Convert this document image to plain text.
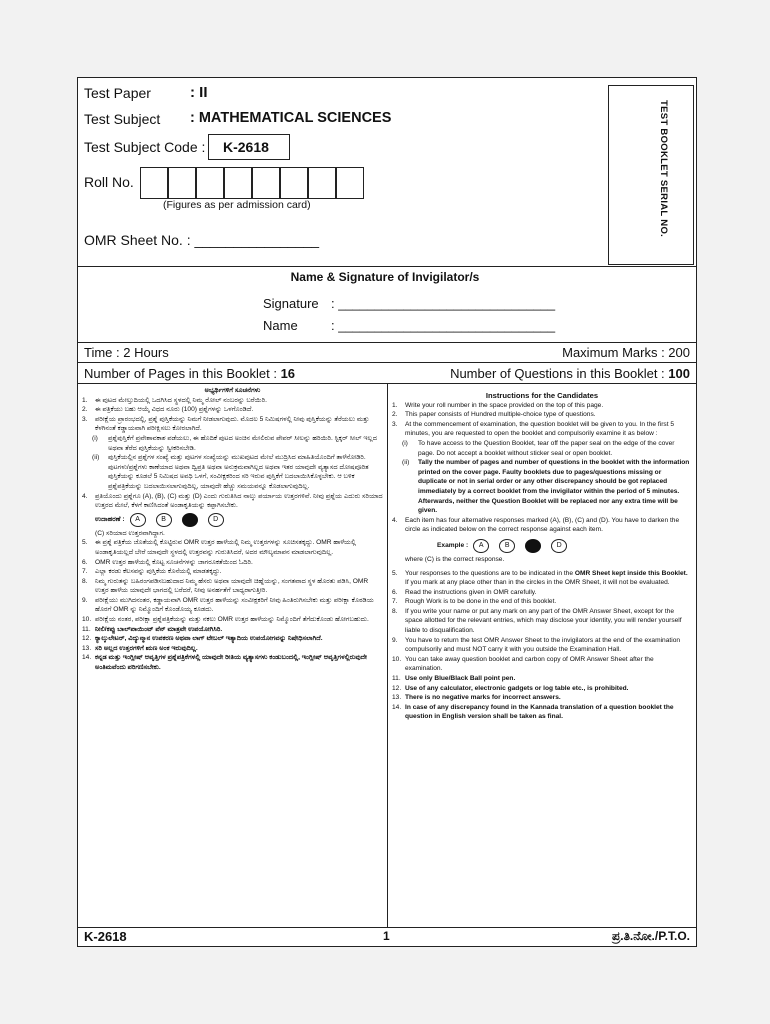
Test Paper	: II
Test Subject : MATHEMATICAL SCIENCES
Test Subject Code : K-2618
Roll No.
(Figures as per admission card)
OMR Sheet No. : ________________
TEST BOOKLET SERIAL NO.
Name & Signature of Invigilator/s
Signature : ______________________________
Name	: ______________________________
Time : 2 Hours	Maximum Marks : 200
Number of Pages in this Booklet : 16	Number of Questions in this Booklet : 100
ಅಭ್ಯರ್ಥಿಗಳಿಗೆ ಸೂಚನೆಗಳು
1.	ಈ ಪುಟದ ಮೇಲ್ತುದಿಯಲ್ಲಿ ಒದಗಿಸಿದ ಸ್ಥಳದಲ್ಲಿ ನಿಮ್ಮ ರೋಲ್ ನಂಬರನ್ನು ಬರೆಯಿರಿ.
2.	ಈ ಪತ್ರಿಕೆಯು ಬಹು ಆಯ್ಕೆ ವಿಧದ ನೂರು (100) ಪ್ರಶ್ನೆಗಳನ್ನು ಒಳಗೊಂಡಿದೆ.
3.	ಪರೀಕ್ಷೆಯ ಪ್ರಾರಂಭದಲ್ಲಿ, ಪ್ರಶ್ನೆ ಪುಸ್ತಿಕೆಯನ್ನು ನಿಮಗೆ ನೀಡಲಾಗುವುದು. ಮೊದಲ 5 ನಿಮಿಷಗಳಲ್ಲಿ ನೀವು ಪುಸ್ತಿಕೆಯನ್ನು ತೆರೆಯಲು ಮತ್ತು ಕೆಳಗಿನಂತೆ ಕಡ್ಡಾಯವಾಗಿ ಪರೀಕ್ಷಿಸಲು ಕೋರಲಾಗಿದೆ.
(i)	ಪ್ರಶ್ನೆಪುಸ್ತಿಕೆಗೆ ಪ್ರವೇಶಾವಕಾಶ ಪಡೆಯಲು, ಈ ಹೊದಿಕೆ ಪುಟದ ಅಂಚಿನ ಮೇಲಿರುವ ಪೇಪರ್ ಸೀಲನ್ನು ಹರಿಯಿರಿ. ಸ್ಟಿಕ್ಕರ್ ಸೀಲ್ ಇಲ್ಲದ ಅಥವಾ ತೆರೆದ ಪುಸ್ತಿಕೆಯನ್ನು ಸ್ವೀಕರಿಸಬೇಡಿ.
(ii)	ಪುಸ್ತಿಕೆಯಲ್ಲಿನ ಪ್ರಶ್ನೆಗಳ ಸಂಖ್ಯೆ ಮತ್ತು ಪುಟಗಳ ಸಂಖ್ಯೆಯನ್ನು ಮುಖಪುಟದ ಮೇಲೆ ಮುದ್ರಿಸಿದ ಮಾಹಿತಿಯೊಂದಿಗೆ ತಾಳೆನೋಡಿರಿ. ಪುಟಗಳು/ಪ್ರಶ್ನೆಗಳು ಕಾಣೆಯಾದ ಅಥವಾ ದ್ವಿಪ್ರತಿ ಅಥವಾ ಅನುಕ್ರಮವಾಗಿಲ್ಲದ ಅಥವಾ ಇತರ ಯಾವುದೇ ವ್ಯತ್ಯಾಸದ ದೋಷಪೂರಿತ ಪುಸ್ತಿಕೆಯನ್ನು ಕೂಡಲೆ 5 ನಿಮಿಷದ ಅವಧಿ ಒಳಗೆ, ಸಂವೀಕ್ಷಕರಿಂದ ಸರಿ ಇರುವ ಪುಸ್ತಿಕೆಗೆ ಬದಲಾಯಿಸಿಕೊಳ್ಳಬೇಕು. ಆ ಬಳಿಕ ಪ್ರಶ್ನೆಪತ್ರಿಕೆಯನ್ನು ಬದಲಾಯಿಸಲಾಗುವುದಿಲ್ಲ, ಯಾವುದೇ ಹೆಚ್ಚು ಸಮಯವನ್ನೂ ಕೊಡಲಾಗುವುದಿಲ್ಲ.
4.	ಪ್ರತಿಯೊಂದು ಪ್ರಶ್ನೆಗೂ (A), (B), (C) ಮತ್ತು (D) ಎಂದು ಗುರುತಿಸಿದ ನಾಲ್ಕು ಪರ್ಯಾಯ ಉತ್ತರಗಳಿವೆ. ನೀವು ಪ್ರಶ್ನೆಯ ಎದುರು ಸರಿಯಾದ ಉತ್ತರದ ಮೇಲೆ, ಕೆಳಗೆ ಕಾಣಿಸಿದಂತೆ ಅಂಡಾಕೃತಿಯನ್ನು ಕಪ್ಪಾಗಿಸಬೇಕು.
ಉದಾಹರಣೆ :	A	B	D
(C) ಸರಿಯಾದ ಉತ್ತರವಾಗಿದ್ದಾಗ.
5.	ಈ ಪ್ರಶ್ನೆ ಪತ್ರಿಕೆಯ ಜೊತೆಯಲ್ಲಿ ಕೊಟ್ಟಿರುವ OMR ಉತ್ತರ ಹಾಳೆಯಲ್ಲಿ ನಿಮ್ಮ ಉತ್ತರಗಳನ್ನು ಸೂಚಿಸತಕ್ಕದ್ದು. OMR ಹಾಳೆಯಲ್ಲಿ ಅಂಡಾಕೃತಿಯಲ್ಲದೆ ಬೇರೆ ಯಾವುದೇ ಸ್ಥಳದಲ್ಲಿ ಉತ್ತರವನ್ನು ಗುರುತಿಸಿದರೆ, ಅದರ ಮೌಲ್ಯಮಾಪನ ಮಾಡಲಾಗುವುದಿಲ್ಲ.
6.	OMR ಉತ್ತರ ಹಾಳೆಯಲ್ಲಿ ಕೊಟ್ಟ ಸೂಚನೆಗಳನ್ನು ಜಾಗರೂಕತೆಯಿಂದ ಓದಿರಿ.
7.	ಎಲ್ಲಾ ಕರಡು ಕೆಲಸವನ್ನು ಪುಸ್ತಿಕೆಯ ಕೊನೆಯಲ್ಲಿ ಮಾಡತಕ್ಕದ್ದು.
8.	ನಿಮ್ಮ ಗುರುತನ್ನು ಬಹಿರಂಗಪಡಿಸಬಹುದಾದ ನಿಮ್ಮ ಹೆಸರು ಅಥವಾ ಯಾವುದೇ ಚಿಹ್ನೆಯನ್ನು, ಸಂಗತವಾದ ಸ್ಥಳ ಹೊರತು ಪಡಿಸಿ, OMR ಉತ್ತರ ಹಾಳೆಯ ಯಾವುದೇ ಭಾಗದಲ್ಲಿ ಬರೆದರೆ, ನೀವು ಅನರ್ಹತೆಗೆ ಬಾಧ್ಯರಾಗುತ್ತೀರಿ.
9.	ಪರೀಕ್ಷೆಯು ಮುಗಿದನಂತರ, ಕಡ್ಡಾಯವಾಗಿ OMR ಉತ್ತರ ಹಾಳೆಯನ್ನು ಸಂವೀಕ್ಷಕರಿಗೆ ನೀವು ಹಿಂತಿರುಗಿಸಬೇಕು ಮತ್ತು ಪರೀಕ್ಷಾ ಕೊಠಡಿಯ ಹೊರಗೆ OMR ನ್ನು ನಿಮ್ಮೊಂದಿಗೆ ಕೊಂಡೊಯ್ಯ ಕೂಡದು.
10. ಪರೀಕ್ಷೆಯ ನಂತರ, ಪರೀಕ್ಷಾ ಪ್ರಶ್ನೆಪತ್ರಿಕೆಯನ್ನು ಮತ್ತು ನಕಲು OMR ಉತ್ತರ ಹಾಳೆಯನ್ನು ನಿಮ್ಮೊಂದಿಗೆ ತೆಗೆದುಕೊಂಡು ಹೋಗಬಹುದು.
11. ನೀಲಿ/ಕಪ್ಪು ಬಾಲ್‌ಪಾಯಿಂಟ್ ಪೆನ್ ಮಾತ್ರವೇ ಉಪಯೋಗಿಸಿರಿ.
12. ಕ್ಯಾಲ್ಕುಲೇಟರ್, ವಿದ್ಯುನ್ಮಾನ ಉಪಕರಣ ಅಥವಾ ಲಾಗ್ ಟೇಬಲ್ ಇತ್ಯಾದಿಯ ಉಪಯೋಗವನ್ನು ನಿಷೇಧಿಸಲಾಗಿದೆ.
13. ಸರಿ ಅಲ್ಲದ ಉತ್ತರಗಳಿಗೆ ಋಣ ಅಂಕ ಇರುವುದಿಲ್ಲ.
14. ಕನ್ನಡ ಮತ್ತು ಇಂಗ್ಲೀಷ್ ಆವೃತ್ತಿಗಳ ಪ್ರಶ್ನೆಪತ್ರಿಕೆಗಳಲ್ಲಿ ಯಾವುದೇ ರೀತಿಯ ವ್ಯತ್ಯಾಸಗಳು ಕಂಡುಬಂದಲ್ಲಿ, ಇಂಗ್ಲೀಷ್ ಆವೃತ್ತಿಗಳಲ್ಲಿರುವುದೇ ಅಂತಿಮವೆಂದು ಪರಿಗಣಿಸಬೇಕು.
Instructions for the Candidates
1.	Write your roll number in the space provided on the top of this page.
2.	This paper consists of Hundred multiple-choice type of questions.
3.	At the commencement of examination, the question booklet will be given to you. In the first 5 minutes, you are requested to open the booklet and compulsorily examine it as below :
(i)	To have access to the Question Booklet, tear off the paper seal on the edge of the cover page. Do not accept a booklet without sticker seal or open booklet.
(ii)	Tally the number of pages and number of questions in the booklet with the information printed on the cover page. Faulty booklets due to pages/questions missing or duplicate or not in serial order or any other discrepancy should be got replaced immediately by a correct booklet from the invigilator within the period of 5 minutes. Afterwards, neither the Question Booklet will be replaced nor any extra time will be given.
4.	Each item has four alternative responses marked (A), (B), (C) and (D). You have to darken the circle as indicated below on the correct response against each item.
Example :	A	B	D
where (C) is the correct response.
5.	Your responses to the questions are to be indicated in the OMR Sheet kept inside this Booklet. If you mark at any place other than in the circles in the OMR Sheet, it will not be evaluated.
6.	Read the instructions given in OMR carefully.
7.	Rough Work is to be done in the end of this booklet.
8.	If you write your name or put any mark on any part of the OMR Answer Sheet, except for the space allotted for the relevant entries, which may disclose your identity, you will render yourself liable to disqualification.
9.	You have to return the test OMR Answer Sheet to the invigilators at the end of the examination compulsorily and must NOT carry it with you outside the Examination Hall.
10. You can take away question booklet and carbon copy of OMR Answer Sheet after the examination.
11. Use only Blue/Black Ball point pen.
12. Use of any calculator, electronic gadgets or log table etc., is prohibited.
13. There is no negative marks for incorrect answers.
14. In case of any discrepancy found in the Kannada translation of a question booklet the question in English version shall be taken as final.
K-2618	1	ಪ್ರ.ತಿ.ನೋ./P.T.O.
